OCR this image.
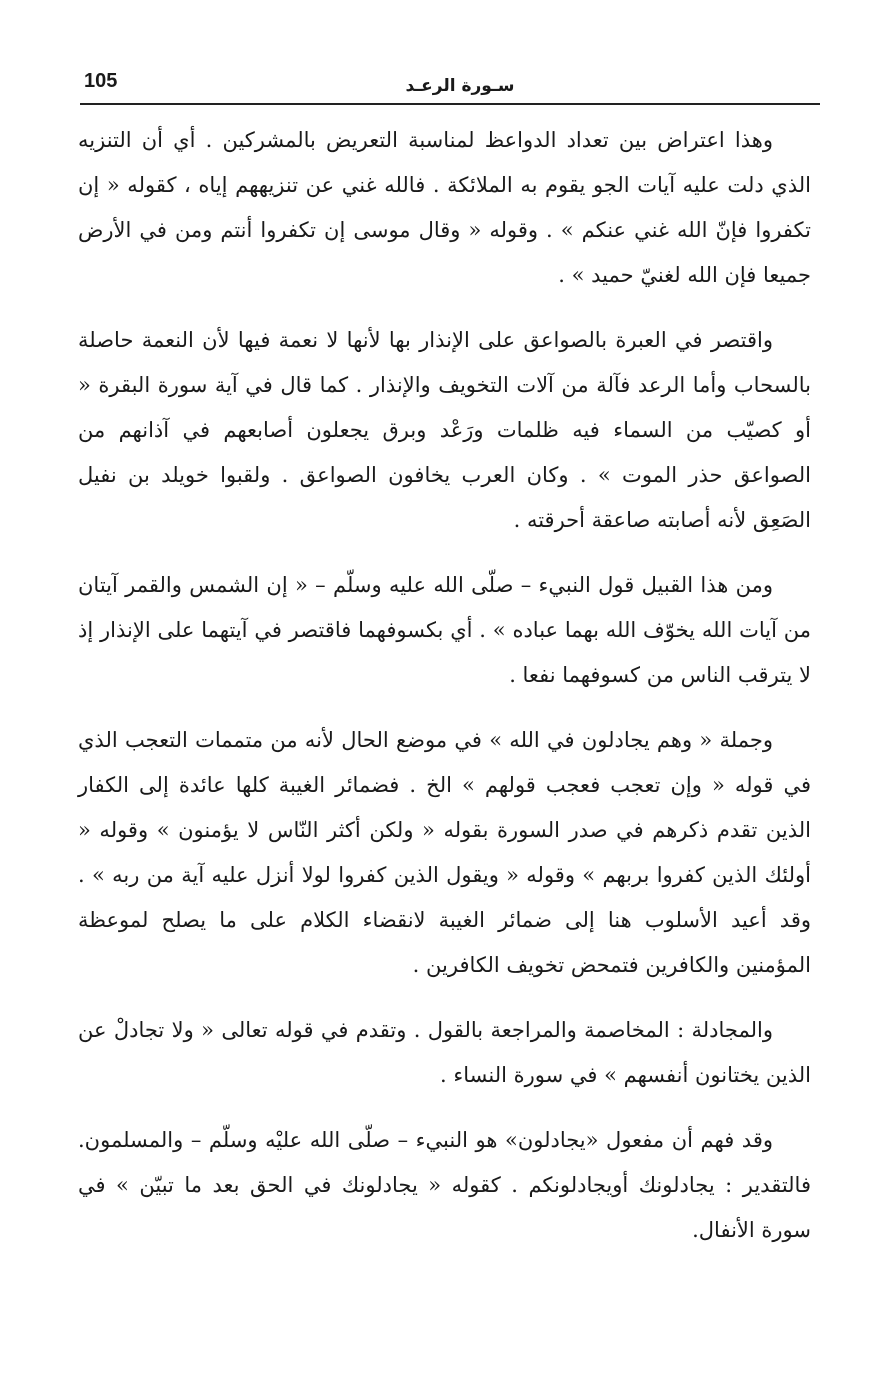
105	سـورة الرعـد

وهذا اعتراض بين تعداد الدواعظ لمناسبة التعريض بالمشركين . أي أن التنزيه الذي دلت عليه آيات الجو يقوم به الملائكة . فالله غني عن تنزيههم إياه ، كقوله « إن تكفروا فإنّ الله غني عنكم » . وقوله « وقال موسى إن تكفروا أنتم ومن في الأرض جميعا فإن الله لغنيّ حميد » .

واقتصر في العبرة بالصواعق على الإنذار بها لأنها لا نعمة فيها لأن النعمة حاصلة بالسحاب وأما الرعد فآلة من آلات التخويف والإنذار . كما قال في آية سورة البقرة « أو كصيّب من السماء فيه ظلمات ورَعْد وبرق يجعلون أصابعهم في آذانهم من الصواعق حذر الموت » . وكان العرب يخافون الصواعق . ولقبوا خويلد بن نفيل الصَعِق لأنه أصابته صاعقة أحرقته .

ومن هذا القبيل قول النبيء – صلّى الله عليه وسلّم – « إن الشمس والقمر آيتان من آيات الله يخوّف الله بهما عباده » . أي بكسوفهما فاقتصر في آيتهما على الإنذار إذ لا يترقب الناس من كسوفهما نفعا .

وجملة « وهم يجادلون في الله » في موضع الحال لأنه من متممات التعجب الذي في قوله « وإن تعجب فعجب قولهم » الخ . فضمائر الغيبة كلها عائدة إلى الكفار الذين تقدم ذكرهم في صدر السورة بقوله « ولكن أكثر النّاس لا يؤمنون » وقوله « أولئك الذين كفروا بربهم » وقوله « ويقول الذين كفروا لولا أنزل عليه آية من ربه » . وقد أعيد الأسلوب هنا إلى ضمائر الغيبة لانقضاء الكلام على ما يصلح لموعظة المؤمنين والكافرين فتمحض تخويف الكافرين .

والمجادلة : المخاصمة والمراجعة بالقول . وتقدم في قوله تعالى « ولا تجادلْ عن الذين يختانون أنفسهم » في سورة النساء .

وقد فهم أن مفعول «يجادلون» هو النبيء – صلّى الله عليْه وسلّم – والمسلمون. فالتقدير : يجادلونك أويجادلونكم . كقوله « يجادلونك في الحق بعد ما تبيّن » في سورة الأنفال.
